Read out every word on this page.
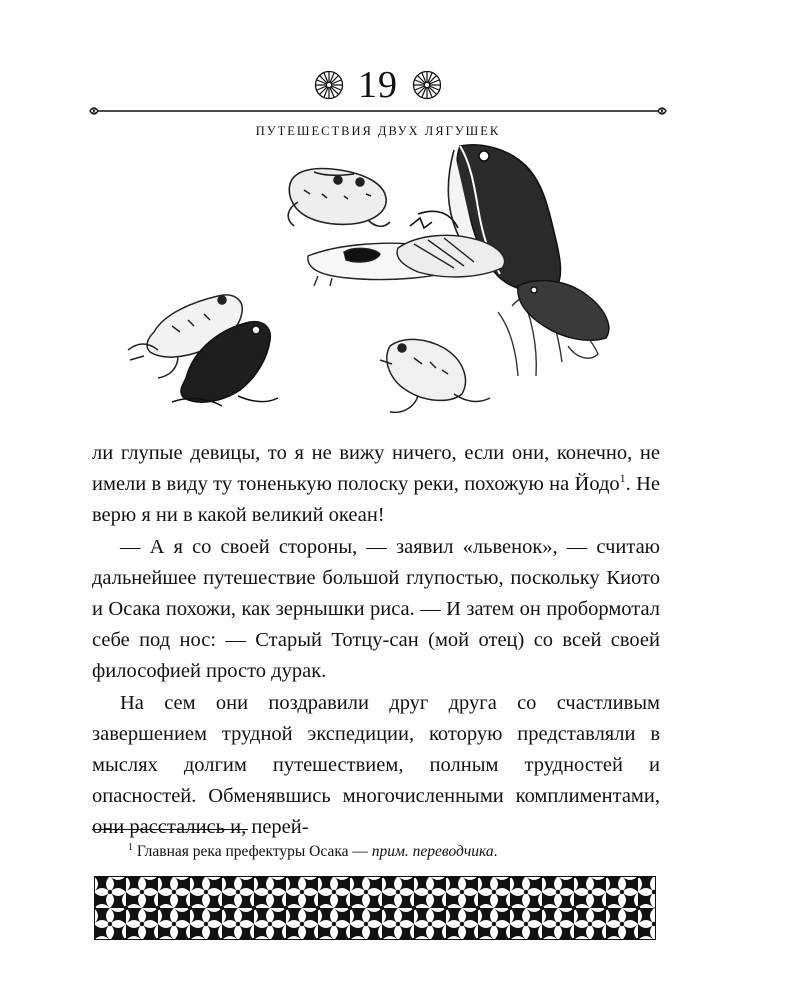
19
ПУТЕШЕСТВИЯ ДВУХ ЛЯГУШЕК

ли глупые девицы, то я не вижу ничего, если они, конечно, не имели в виду ту тоненькую полоску реки, похожую на Йодо$^1$. Не верю я ни в какой великий океан!

— А я со своей стороны, — заявил «львенок», — считаю дальнейшее путешествие большой глупостью, поскольку Киото и Осака похожи, как зернышки риса. — И затем он пробормотал себе под нос: — Старый Тотцу-сан (мой отец) со всей своей философией просто дурак.

На сем они поздравили друг друга со счастливым завершением трудной экспедиции, которую представляли в мыслях долгим путешествием, полным трудностей и опасностей. Обменявшись многочисленными комплиментами, они расстались и, перей-

$^1$ Главная река префектуры Осака — прим. переводчика.
